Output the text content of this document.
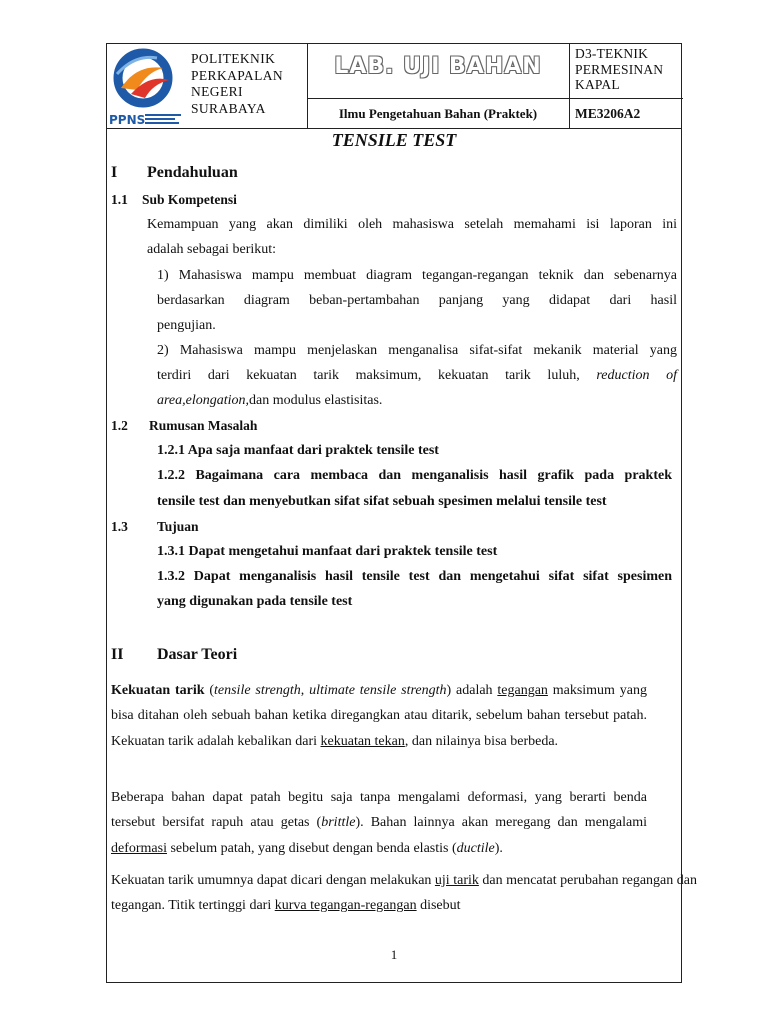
PPNS
POLITEKNIK
PERKAPALAN
NEGERI
SURABAYA
LAB. UJI BAHAN
Ilmu Pengetahuan Bahan (Praktek)
D3-TEKNIK
PERMESINAN
KAPAL
ME3206A2
TENSILE TEST
I Pendahuluan
1.1 Sub Kompetensi
Kemampuan yang akan dimiliki oleh mahasiswa setelah memahami isi laporan ini
adalah sebagai berikut:
1) Mahasiswa mampu membuat diagram tegangan-regangan teknik dan sebenarnya
berdasarkan diagram beban-pertambahan panjang yang didapat dari hasil
pengujian.
2) Mahasiswa mampu menjelaskan menganalisa sifat-sifat mekanik material yang
terdiri dari kekuatan tarik maksimum, kekuatan tarik luluh, reduction of
area,elongation,dan modulus elastisitas.
1.2 Rumusan Masalah
1.2.1 Apa saja manfaat dari praktek tensile test
1.2.2 Bagaimana cara membaca dan menganalisis hasil grafik pada praktek
tensile test dan menyebutkan sifat sifat sebuah spesimen melalui tensile test
1.3 Tujuan
1.3.1 Dapat mengetahui manfaat dari praktek tensile test
1.3.2 Dapat menganalisis hasil tensile test dan mengetahui sifat sifat spesimen
yang digunakan pada tensile test
II Dasar Teori
Kekuatan tarik (tensile strength, ultimate tensile strength) adalah tegangan maksimum yang bisa ditahan oleh sebuah bahan ketika diregangkan atau ditarik, sebelum bahan tersebut patah. Kekuatan tarik adalah kebalikan dari kekuatan tekan, dan nilainya bisa berbeda.
Beberapa bahan dapat patah begitu saja tanpa mengalami deformasi, yang berarti benda tersebut bersifat rapuh atau getas (brittle). Bahan lainnya akan meregang dan mengalami deformasi sebelum patah, yang disebut dengan benda elastis (ductile).
Kekuatan tarik umumnya dapat dicari dengan melakukan uji tarik dan mencatat perubahan regangan dan tegangan. Titik tertinggi dari kurva tegangan-regangan disebut
1
